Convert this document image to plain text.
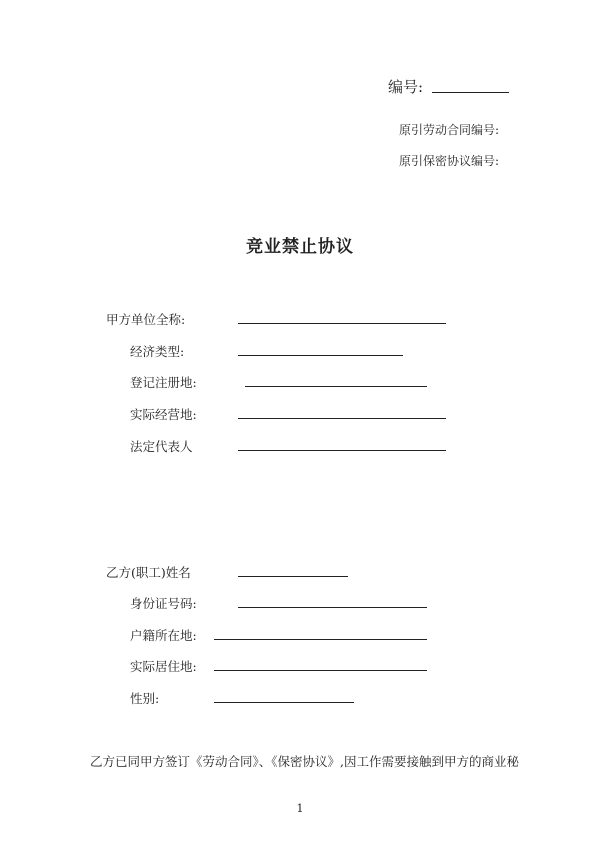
编号:
原引劳动合同编号:
原引保密协议编号:
竞业禁止协议
甲方单位全称:
经济类型:
登记注册地:
实际经营地:
法定代表人
乙方(职工)姓名
身份证号码:
户籍所在地:
实际居住地:
性别:
乙方已同甲方签订《劳动合同》、《保密协议》,因工作需要接触到甲方的商业秘
1
